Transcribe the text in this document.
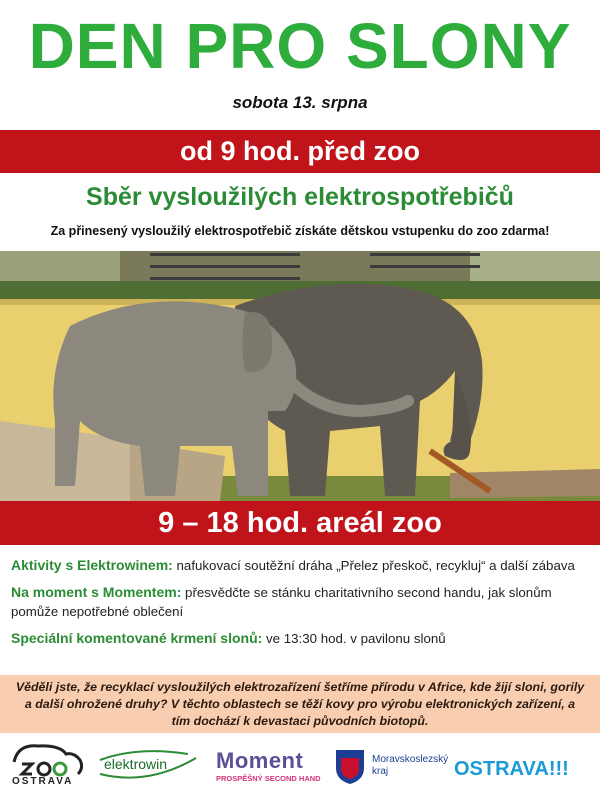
DEN PRO SLONY
sobota 13. srpna
od 9 hod. před zoo
Sběr vysloužilých elektrospotřebičů
Za přinesený vysloužilý elektrospotřebič získáte dětskou vstupenku do zoo zdarma!
9 – 18 hod. areál zoo

Aktivity s Elektrowinem: nafukovací soutěžní dráha „Přelez přeskoč, recykluj“ a další zábava

Na moment s Momentem: přesvědčte se stánku charitativního second handu, jak slonům pomůže nepotřebné oblečení

Speciální komentované krmení slonů: ve 13:30 hod. v pavilonu slonů

Věděli jste, že recyklací vysloužilých elektrozařízení šetříme přírodu v Africe, kde žijí sloni, gorily a další ohrožené druhy? V těchto oblastech se těží kovy pro výrobu elektronických zařízení, a tím dochází k devastaci původních biotopů.
OSTRAVA
elektrowin Moment
PROSPĚŠNÝ SECOND HAND
Moravskoslezský
kraj	OSTRAVA!!!
